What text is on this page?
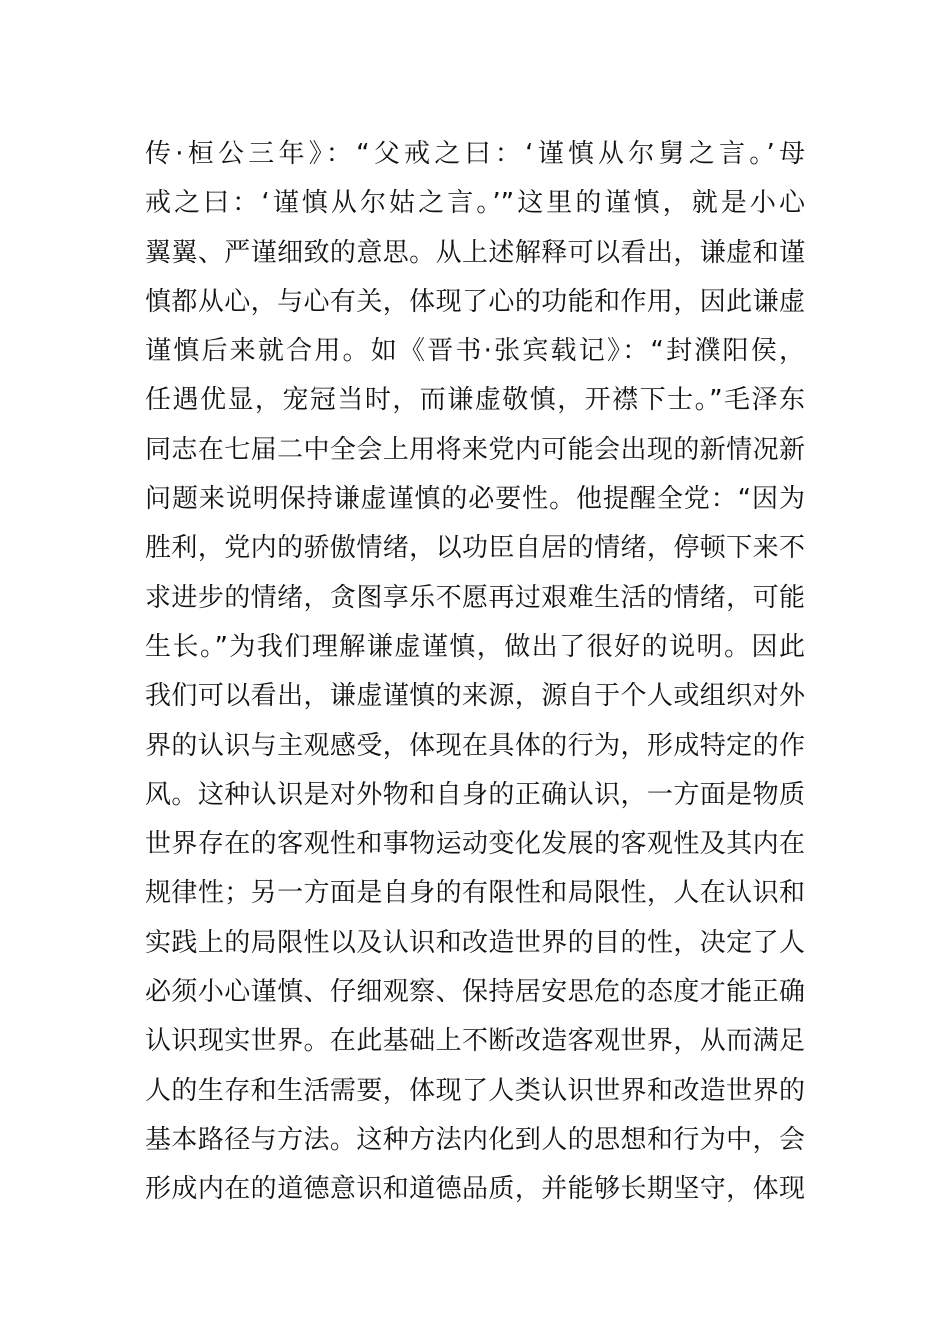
传·桓公三年》：“父戒之曰：‘谨慎从尔舅之言。’母
戒之曰：‘谨慎从尔姑之言。’”这里的谨慎，就是小心
翼翼、严谨细致的意思。从上述解释可以看出，谦虚和谨
慎都从心，与心有关，体现了心的功能和作用，因此谦虚
谨慎后来就合用。如《晋书·张宾载记》：“封濮阳侯，
任遇优显，宠冠当时，而谦虚敬慎，开襟下士。”毛泽东
同志在七届二中全会上用将来党内可能会出现的新情况新
问题来说明保持谦虚谨慎的必要性。他提醒全党：“因为
胜利，党内的骄傲情绪，以功臣自居的情绪，停顿下来不
求进步的情绪，贪图享乐不愿再过艰难生活的情绪，可能
生长。”为我们理解谦虚谨慎，做出了很好的说明。因此
我们可以看出，谦虚谨慎的来源，源自于个人或组织对外
界的认识与主观感受，体现在具体的行为，形成特定的作
风。这种认识是对外物和自身的正确认识，一方面是物质
世界存在的客观性和事物运动变化发展的客观性及其内在
规律性；另一方面是自身的有限性和局限性，人在认识和
实践上的局限性以及认识和改造世界的目的性，决定了人
必须小心谨慎、仔细观察、保持居安思危的态度才能正确
认识现实世界。在此基础上不断改造客观世界，从而满足
人的生存和生活需要，体现了人类认识世界和改造世界的
基本路径与方法。这种方法内化到人的思想和行为中，会
形成内在的道德意识和道德品质，并能够长期坚守，体现
